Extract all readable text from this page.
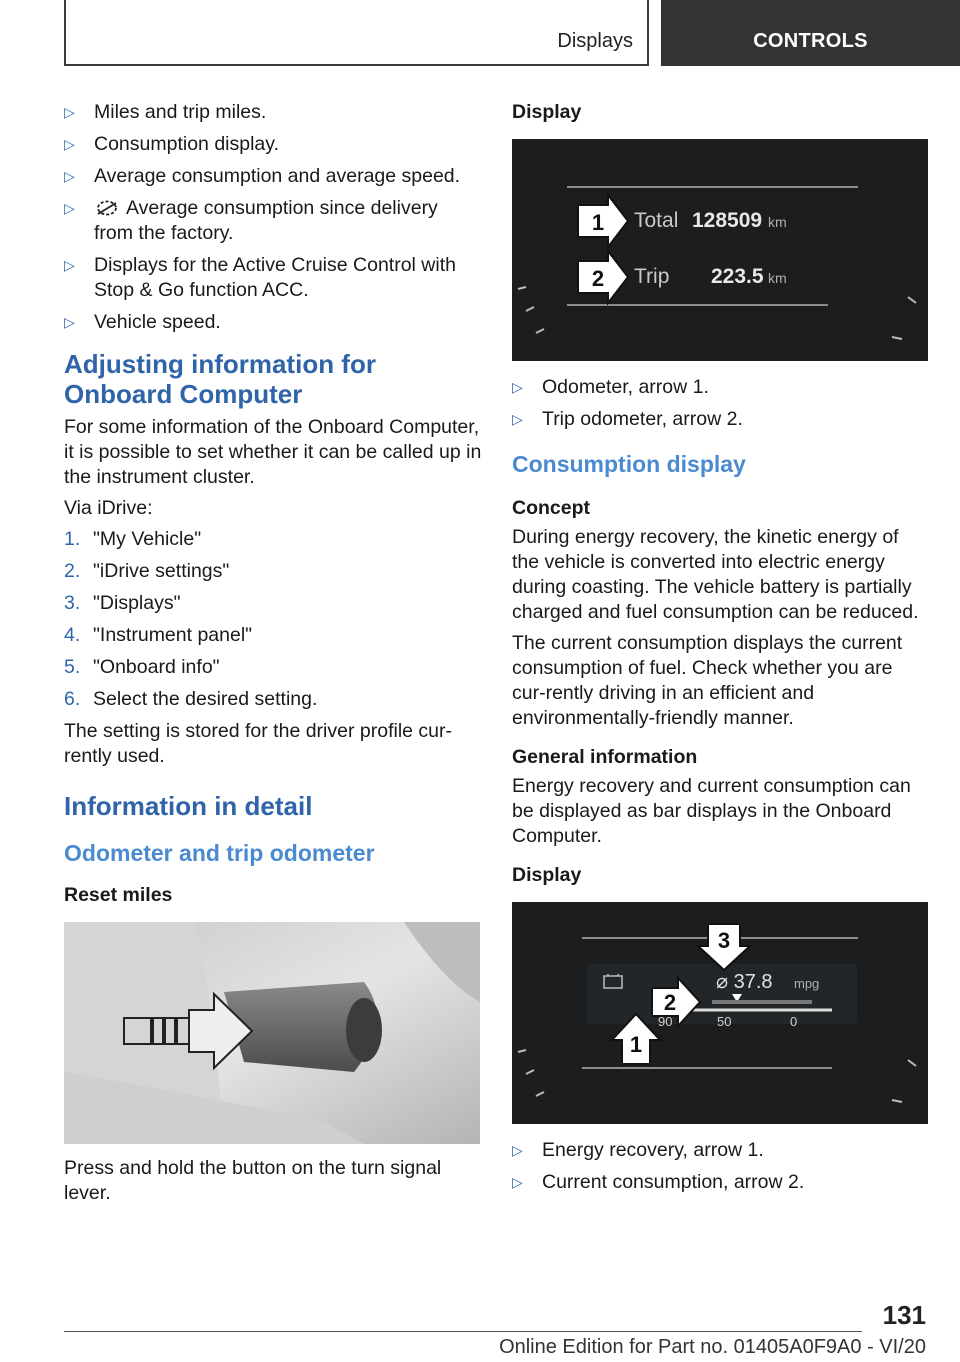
Displays	CONTROLS
▷ Miles and trip miles.
▷ Consumption display.
▷ Average consumption and average speed.
▷	Average consumption since delivery from the factory.
▷ Displays for the Active Cruise Control with Stop & Go function ACC.
▷ Vehicle speed.
Adjusting information for Onboard Computer

For some information of the Onboard Computer, it is possible to set whether it can be called up in the instrument cluster.

Via iDrive:

1. "My Vehicle"
2. "iDrive settings"
3. "Displays"
4. "Instrument panel"
5. "Onboard info"
6. Select the desired setting.

The setting is stored for the driver profile cur‐rently used.

Information in detail
Odometer and trip odometer
Reset miles

Press and hold the button on the turn signal lever.

Display
1 Total 128509 km
2 Trip 223.5 km
▷ Odometer, arrow 1.
▷ Trip odometer, arrow 2.
Consumption display
Concept

During energy recovery, the kinetic energy of the vehicle is converted into electric energy during coasting. The vehicle battery is partially charged and fuel consumption can be reduced.

The current consumption displays the current consumption of fuel. Check whether you are cur‐rently driving in an efficient and environmentally-friendly manner.

General information

Energy recovery and current consumption can be displayed as bar displays in the Onboard Computer.

Display
90	50	0
⌀ 37.8 mpg
3
2
1
▷ Energy recovery, arrow 1.
▷ Current consumption, arrow 2.
131
Online Edition for Part no. 01405A0F9A0 - VI/20
